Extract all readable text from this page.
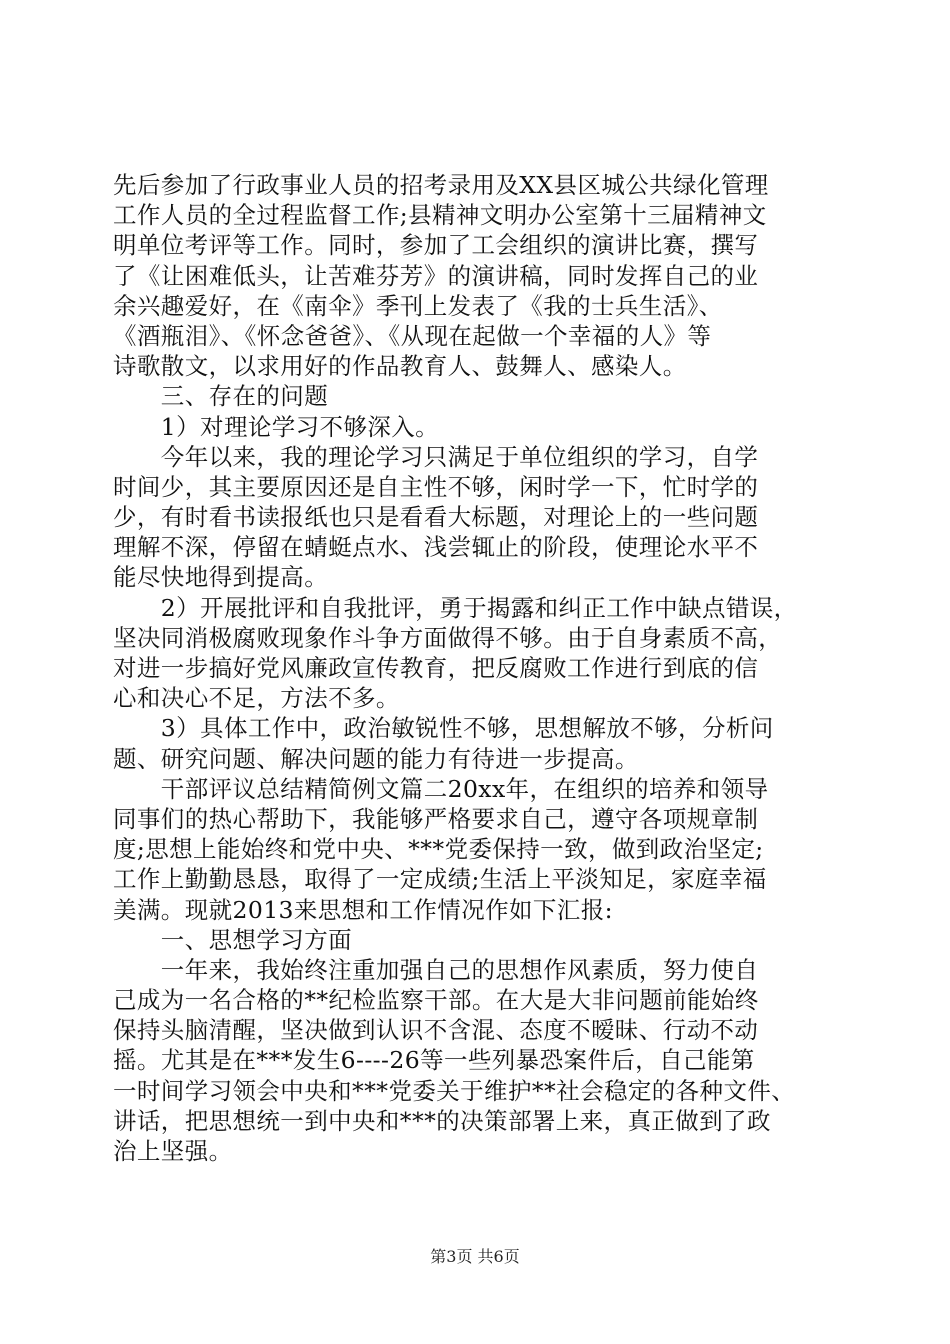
先后参加了行政事业人员的招考录用及XX县区城公共绿化管理
工作人员的全过程监督工作;县精神文明办公室第十三届精神文
明单位考评等工作。同时，参加了工会组织的演讲比赛，撰写
了《让困难低头，让苦难芬芳》的演讲稿，同时发挥自己的业
余兴趣爱好，在《南伞》季刊上发表了《我的士兵生活》、
《酒瓶泪》、《怀念爸爸》、《从现在起做一个幸福的人》等
诗歌散文，以求用好的作品教育人、鼓舞人、感染人。
　　三、存在的问题
　　1）对理论学习不够深入。
　　今年以来，我的理论学习只满足于单位组织的学习，自学
时间少，其主要原因还是自主性不够，闲时学一下，忙时学的
少，有时看书读报纸也只是看看大标题，对理论上的一些问题
理解不深，停留在蜻蜓点水、浅尝辄止的阶段，使理论水平不
能尽快地得到提高。
　　2）开展批评和自我批评，勇于揭露和纠正工作中缺点错误，
坚决同消极腐败现象作斗争方面做得不够。由于自身素质不高，
对进一步搞好党风廉政宣传教育，把反腐败工作进行到底的信
心和决心不足，方法不多。
　　3）具体工作中，政治敏锐性不够，思想解放不够，分析问
题、研究问题、解决问题的能力有待进一步提高。
　　干部评议总结精简例文篇二20xx年，在组织的培养和领导
同事们的热心帮助下，我能够严格要求自己，遵守各项规章制
度;思想上能始终和党中央、***党委保持一致，做到政治坚定;
工作上勤勤恳恳，取得了一定成绩;生活上平淡知足，家庭幸福
美满。现就2013来思想和工作情况作如下汇报:
　　一、思想学习方面
　　一年来，我始终注重加强自己的思想作风素质，努力使自
己成为一名合格的**纪检监察干部。在大是大非问题前能始终
保持头脑清醒，坚决做到认识不含混、态度不暧昧、行动不动
摇。尤其是在***发生6----26等一些列暴恐案件后，自己能第
一时间学习领会中央和***党委关于维护**社会稳定的各种文件、
讲话，把思想统一到中央和***的决策部署上来，真正做到了政
治上坚强。
第3页 共6页
